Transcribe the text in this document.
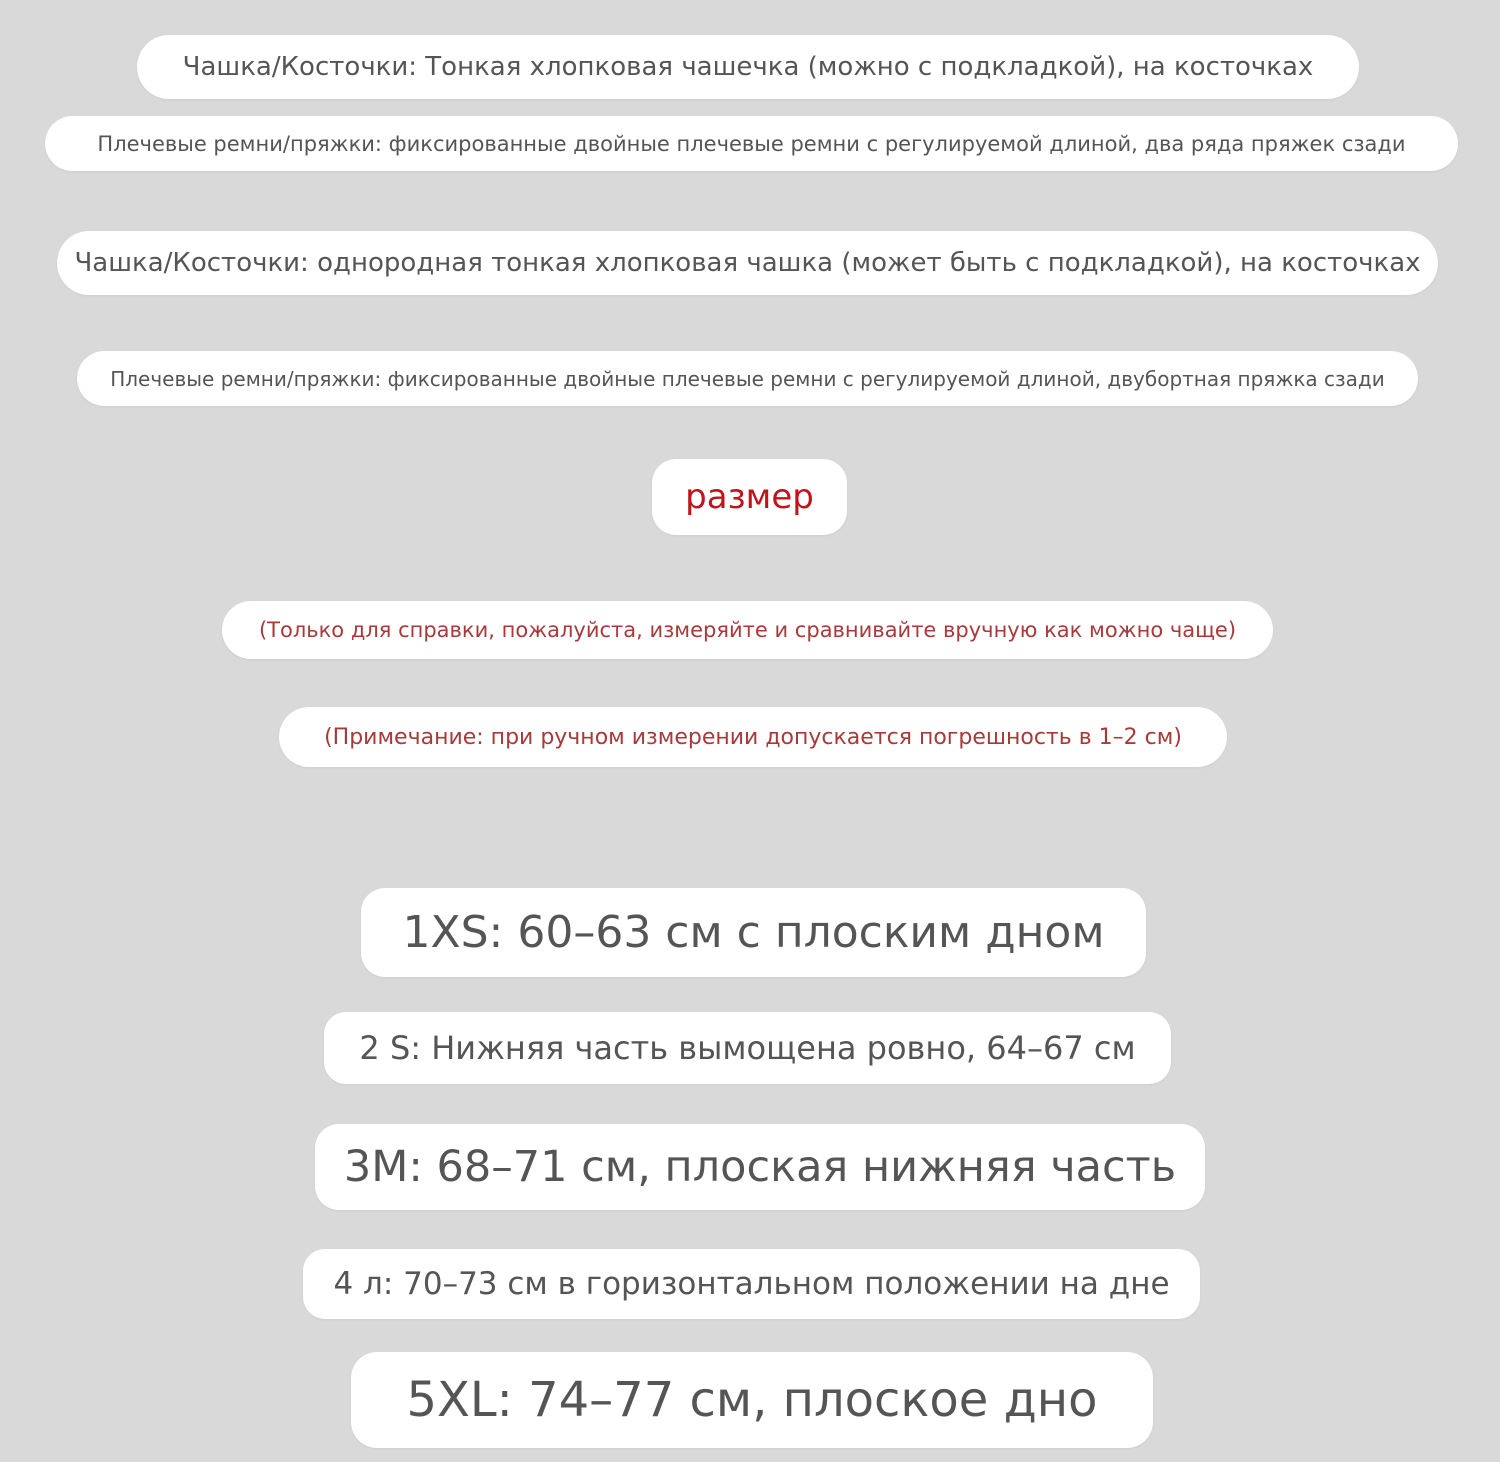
Чашка/Косточки: Тонкая хлопковая чашечка (можно с подкладкой), на косточках
Плечевые ремни/пряжки: фиксированные двойные плечевые ремни с регулируемой длиной, два ряда пряжек сзади
Чашка/Косточки: однородная тонкая хлопковая чашка (может быть с подкладкой), на косточках
Плечевые ремни/пряжки: фиксированные двойные плечевые ремни с регулируемой длиной, двубортная пряжка сзади
размер
(Только для справки, пожалуйста, измеряйте и сравнивайте вручную как можно чаще)
(Примечание: при ручном измерении допускается погрешность в 1–2 см)
1XS: 60–63 см с плоским дном
2 S: Нижняя часть вымощена ровно, 64–67 см
3M: 68–71 см, плоская нижняя часть
4 л: 70–73 см в горизонтальном положении на дне
5XL: 74–77 см, плоское дно
